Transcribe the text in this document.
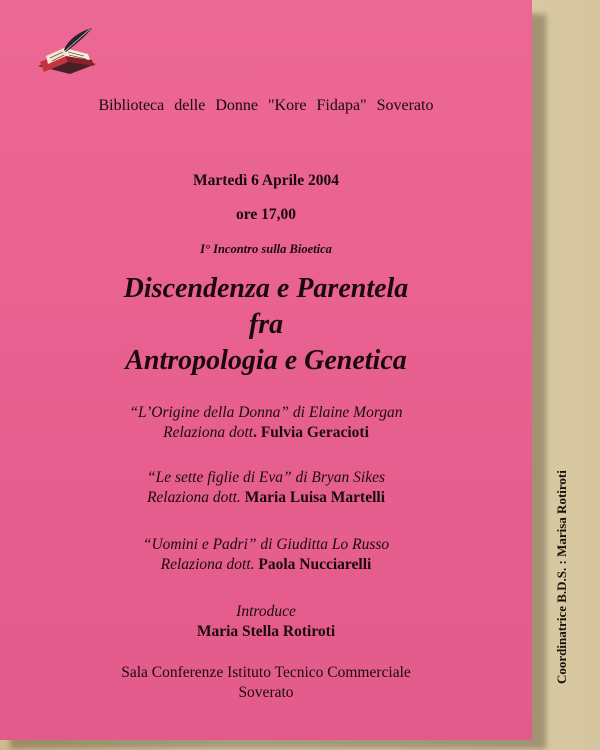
Biblioteca delle Donne "Kore Fidapa" Soverato
Martedì 6 Aprile 2004
ore 17,00
I° Incontro sulla Bioetica
Discendenza e Parentela
fra
Antropologia e Genetica
“L’Origine della Donna” di Elaine Morgan
Relaziona dott. Fulvia Geracioti
“Le sette figlie di Eva” di Bryan Sikes
Relaziona dott. Maria Luisa Martelli
“Uomini e Padri” di Giuditta Lo Russo
Relaziona dott. Paola Nucciarelli
Introduce
Maria Stella Rotiroti
Sala Conferenze Istituto Tecnico Commerciale
Soverato
Coordinatrice B.D.S. : Marisa Rotiroti
